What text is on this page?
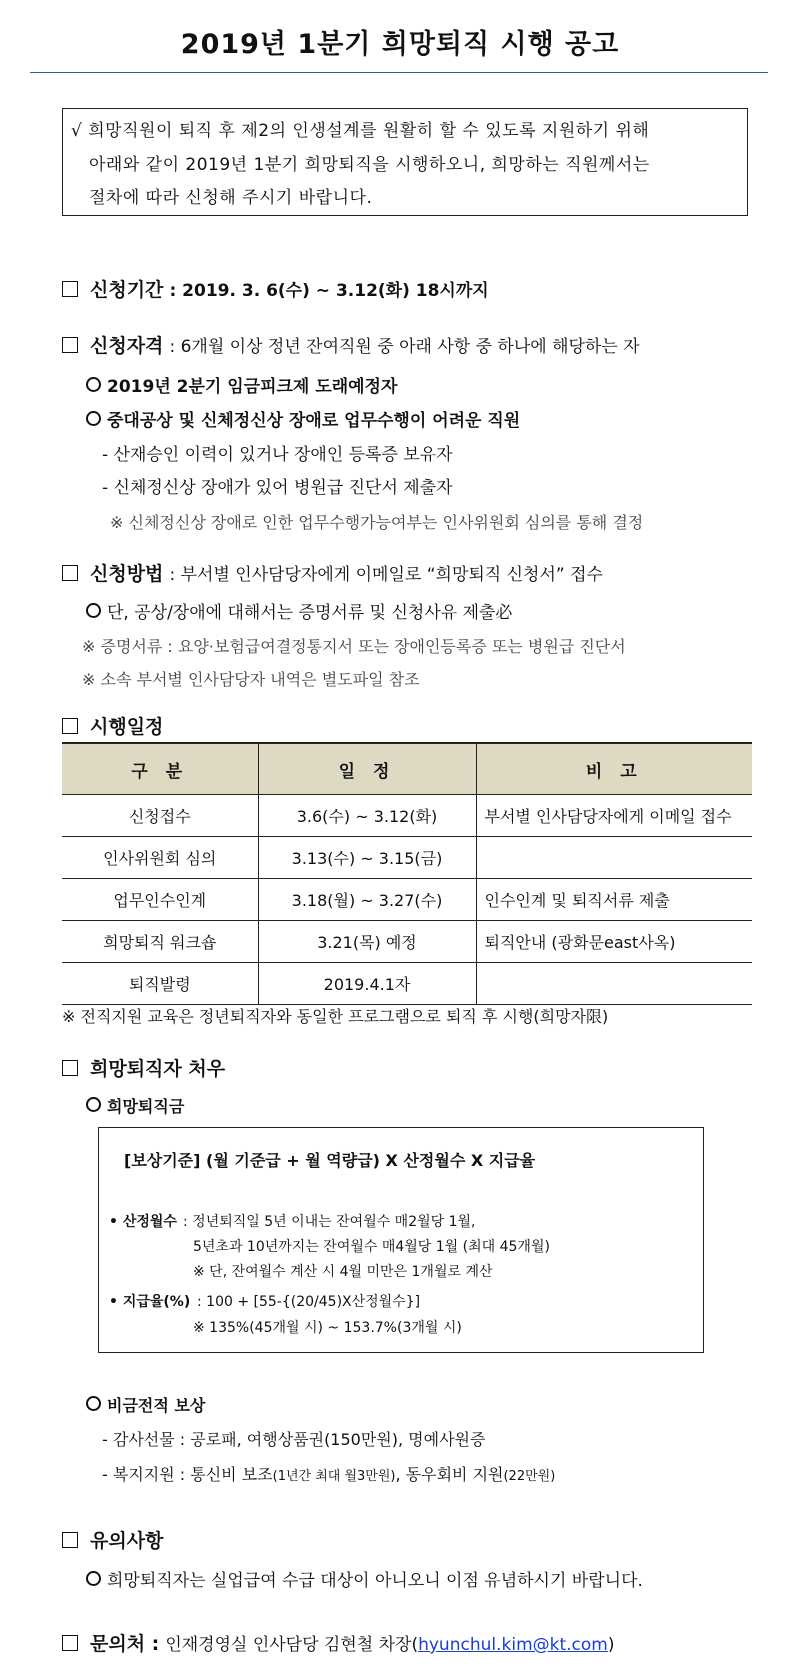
2019년 1분기 희망퇴직 시행 공고
√ 희망직원이 퇴직 후 제2의 인생설계를 원활히 할 수 있도록 지원하기 위해
아래와 같이 2019년 1분기 희망퇴직을 시행하오니, 희망하는 직원께서는
절차에 따라 신청해 주시기 바랍니다.
신청기간 : 2019. 3. 6(수) ~ 3.12(화) 18시까지
신청자격 : 6개월 이상 정년 잔여직원 중 아래 사항 중 하나에 해당하는 자
2019년 2분기 임금피크제 도래예정자
중대공상 및 신체정신상 장애로 업무수행이 어려운 직원
- 산재승인 이력이 있거나 장애인 등록증 보유자
- 신체정신상 장애가 있어 병원급 진단서 제출자
※ 신체정신상 장애로 인한 업무수행가능여부는 인사위원회 심의를 통해 결정
신청방법 : 부서별 인사담당자에게 이메일로 “희망퇴직 신청서” 접수
단, 공상/장애에 대해서는 증명서류 및 신청사유 제출必
※ 증명서류 : 요양·보험급여결정통지서 또는 장애인등록증 또는 병원급 진단서
※ 소속 부서별 인사담당자 내역은 별도파일 참조
시행일정
구 분	일 정	비 고
신청접수	3.6(수) ~ 3.12(화)	부서별 인사담당자에게 이메일 접수
인사위원회 심의	3.13(수) ~ 3.15(금)	
업무인수인계	3.18(월) ~ 3.27(수)	인수인계 및 퇴직서류 제출
희망퇴직 워크숍	3.21(목) 예정	퇴직안내 (광화문east사옥)
퇴직발령	2019.4.1자	
※ 전직지원 교육은 정년퇴직자와 동일한 프로그램으로 퇴직 후 시행(희망자限)
희망퇴직자 처우
희망퇴직금
[보상기준] (월 기준급 + 월 역량급) X 산정월수 X 지급율
• 산정월수 : 정년퇴직일 5년 이내는 잔여월수 매2월당 1월,
5년초과 10년까지는 잔여월수 매4월당 1월 (최대 45개월)
※ 단, 잔여월수 계산 시 4월 미만은 1개월로 계산
• 지급율(%) : 100 + [55-{(20/45)X산정월수}]
※ 135%(45개월 시) ~ 153.7%(3개월 시)
비금전적 보상
- 감사선물 : 공로패, 여행상품권(150만원), 명예사원증
- 복지지원 : 통신비 보조(1년간 최대 월3만원), 동우회비 지원(22만원)
유의사항
희망퇴직자는 실업급여 수급 대상이 아니오니 이점 유념하시기 바랍니다.
문의처 : 인재경영실 인사담당 김현철 차장(hyunchul.kim@kt.com)
